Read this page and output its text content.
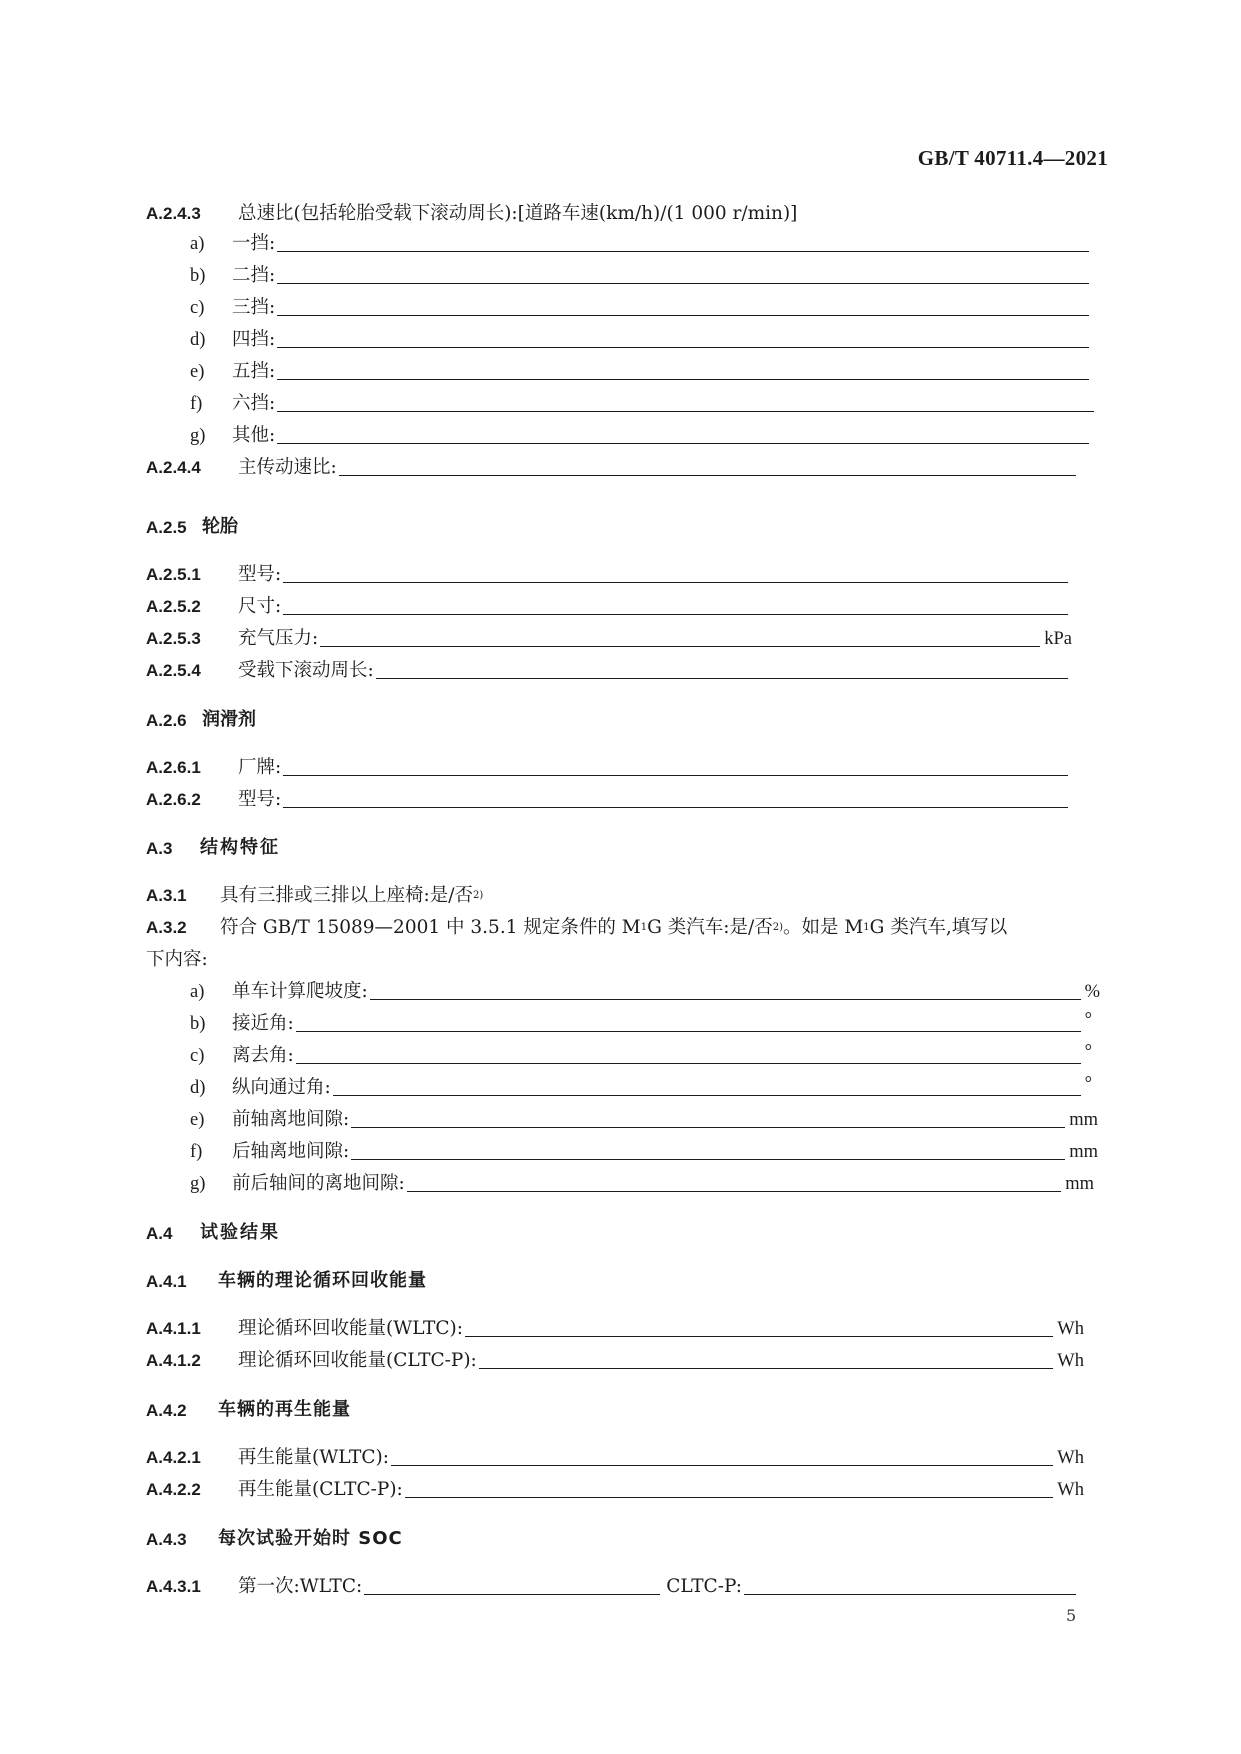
GB/T 40711.4—2021
A.2.4.3	总速比(包括轮胎受载下滚动周长):[道路车速(km/h)/(1 000 r/min)]
a)	一挡:
b)	二挡:
c)	三挡:
d)	四挡:
e)	五挡:
f)	六挡:
g)	其他:
A.2.4.4	主传动速比:
A.2.5 轮胎
A.2.5.1	型号:
A.2.5.2	尺寸:
A.2.5.3	充气压力:	kPa
A.2.5.4	受载下滚动周长:
A.2.6 润滑剂
A.2.6.1	厂牌:
A.2.6.2	型号:
A.3	结构特征
A.3.1	具有三排或三排以上座椅:是/否 2)
A.3.2	符合 GB/T 15089—2001 中 3.5.1 规定条件的 M 1 G 类汽车:是/否 2) 。如是 M 1 G 类汽车,填写以
下内容:
a)	单车计算爬坡度:	%
b)	接近角:	°
c)	离去角:	°
d)	纵向通过角:	°
e)	前轴离地间隙:	mm
f)	后轴离地间隙:	mm
g)	前后轴间的离地间隙:	mm
A.4	试验结果
A.4.1	车辆的理论循环回收能量
A.4.1.1	理论循环回收能量(WLTC):	Wh
A.4.1.2	理论循环回收能量(CLTC-P):	Wh
A.4.2	车辆的再生能量
A.4.2.1	再生能量(WLTC):	Wh
A.4.2.2	再生能量(CLTC-P):	Wh
A.4.3	每次试验开始时 SOC
A.4.3.1	第一次:WLTC:	CLTC-P:
5
